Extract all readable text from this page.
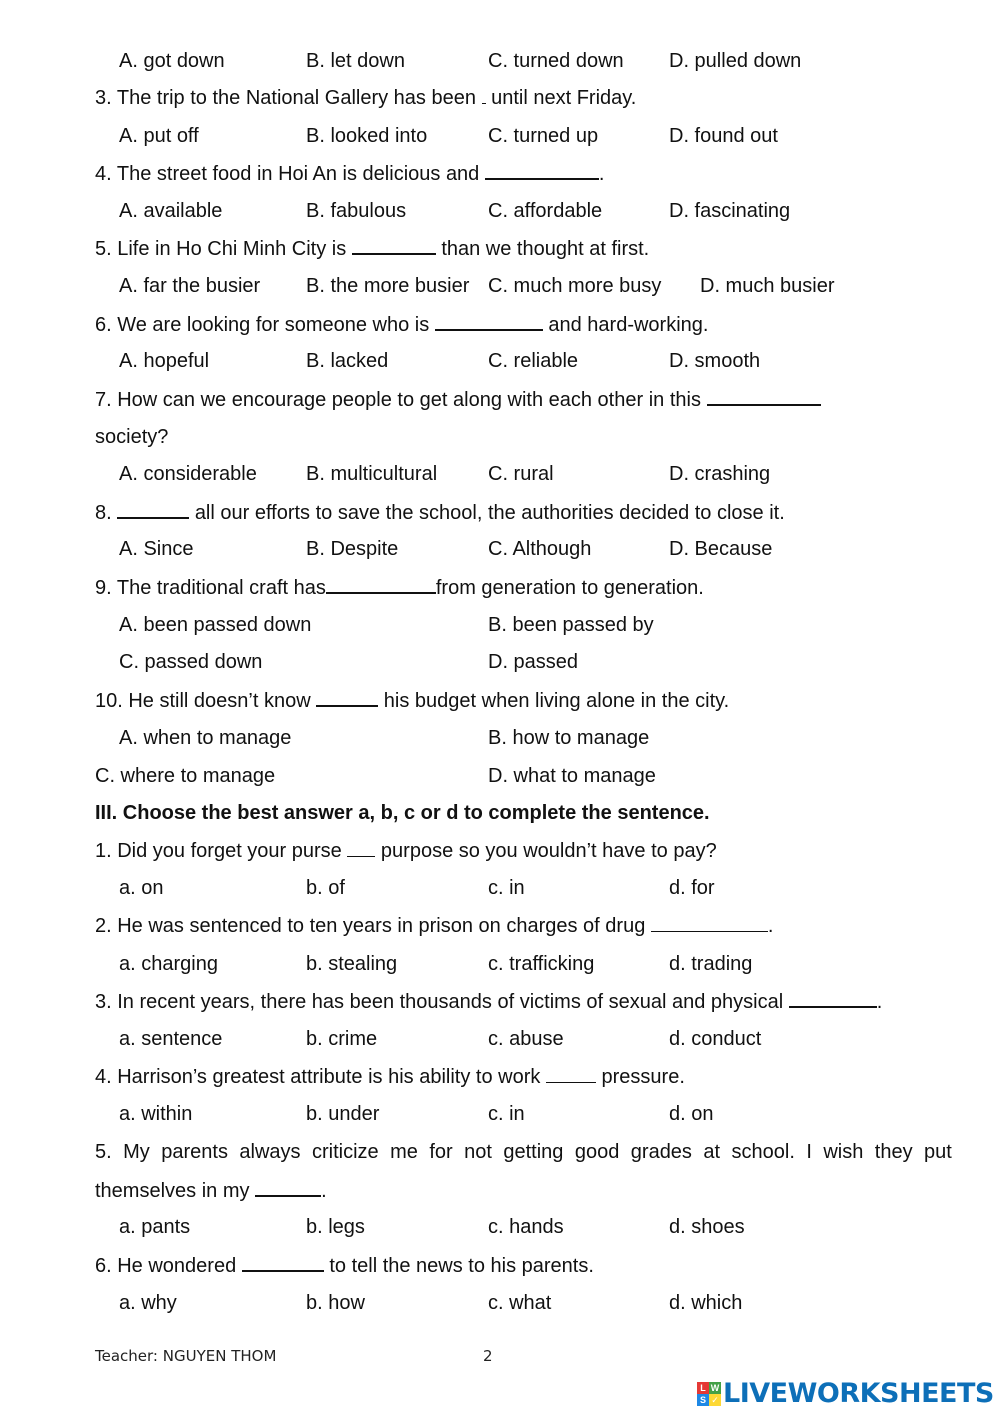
A. got down	B. let down	C. turned down D. pulled down
3. The trip to the National Gallery has been until next Friday.
A. put off	B. looked into	C. turned up	D. found out
4. The street food in Hoi An is delicious and	.
A. available	B. fabulous	C. affordable	D. fascinating
5. Life in Ho Chi Minh City is	than we thought at first.
A. far the busier B. the more busier C. much more busy D. much busier
6. We are looking for someone who is	and hard-working.
A. hopeful	B. lacked	C. reliable	D. smooth
7. How can we encourage people to get along with each other in this
society?
A. considerable B. multicultural	C. rural	D. crashing
8.	all our efforts to save the school, the authorities decided to close it.
A. Since	B. Despite	C. Although	D. Because
9. The traditional craft has	from generation to generation.
A. been passed down	B. been passed by
C. passed down	D. passed
10. He still doesn’t know	his budget when living alone in the city.
A. when to manage	B. how to manage
C. where to manage	D. what to manage
III. Choose the best answer a, b, c or d to complete the sentence.
1. Did you forget your purse purpose so you wouldn’t have to pay?
a. on	b. of	c. in	d. for
2. He was sentenced to ten years in prison on charges of drug	.
a. charging	b. stealing	c. trafficking	d. trading
3. In recent years, there has been thousands of victims of sexual and physical	.
a. sentence	b. crime	c. abuse	d. conduct
4. Harrison’s greatest attribute is his ability to work	pressure.
a. within	b. under	c. in	d. on
5. My parents always criticize me for not getting good grades at school. I wish they put
themselves in my	.
a. pants	b. legs	c. hands	d. shoes
6. He wondered	to tell the news to his parents.
a. why	b. how	c. what	d. which
Teacher: NGUYEN THOM	2
L W
S ✓ LIVEWORKSHEETS
